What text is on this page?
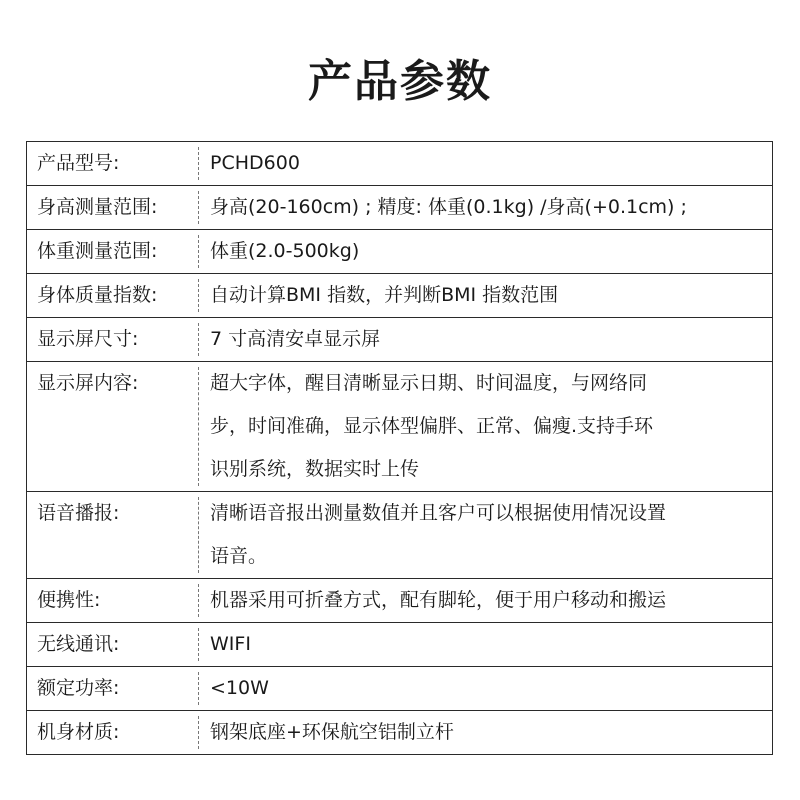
产品参数
产品型号:	PCHD600
身高测量范围:	身高(20-160cm) ; 精度: 体重(0.1kg) /身高(+0.1cm) ;
体重测量范围:	体重(2.0-500kg)
身体质量指数:	自动计算BMI 指数，并判断BMI 指数范围
显示屏尺寸:	7 寸高清安卓显示屏
显示屏内容:	超大字体，醒目清晰显示日期、时间温度，与网络同
步，时间准确，显示体型偏胖、正常、偏瘦.支持手环
识别系统，数据实时上传

语音播报:	清晰语音报出测量数值并且客户可以根据使用情况设置
语音。

便携性:	机器采用可折叠方式，配有脚轮，便于用户移动和搬运
无线通讯:	WIFI
额定功率:	<10W
机身材质:	钢架底座+环保航空铝制立杆
